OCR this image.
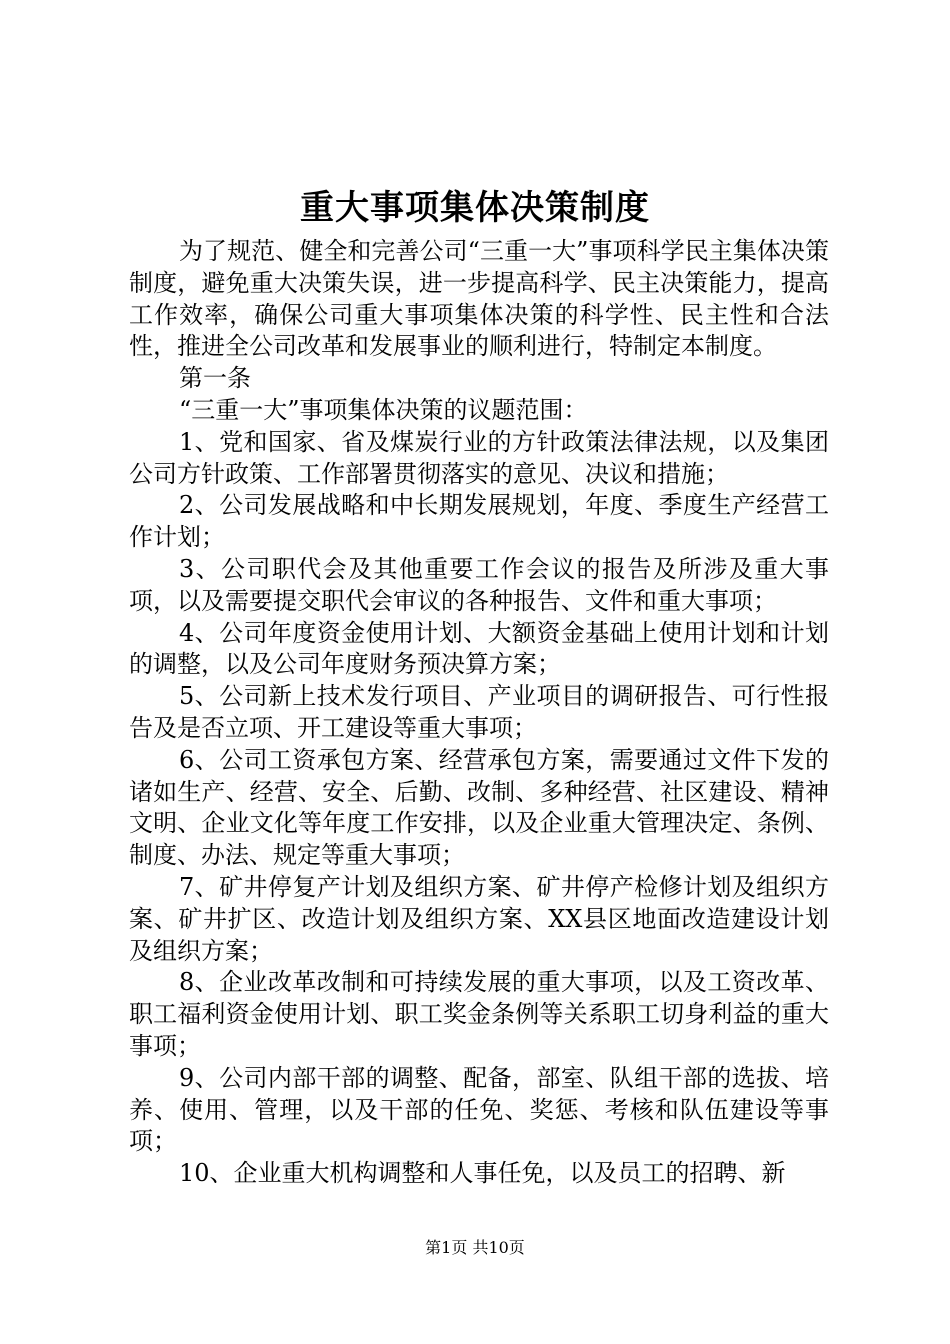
重大事项集体决策制度

为了规范、健全和完善公司“三重一大”事项科学民主集体决策制度，避免重大决策失误，进一步提高科学、民主决策能力，提高工作效率，确保公司重大事项集体决策的科学性、民主性和合法性，推进全公司改革和发展事业的顺利进行，特制定本制度。

第一条

“三重一大”事项集体决策的议题范围：

1、党和国家、省及煤炭行业的方针政策法律法规，以及集团公司方针政策、工作部署贯彻落实的意见、决议和措施；

2、公司发展战略和中长期发展规划，年度、季度生产经营工作计划；

3、公司职代会及其他重要工作会议的报告及所涉及重大事项，以及需要提交职代会审议的各种报告、文件和重大事项；

4、公司年度资金使用计划、大额资金基础上使用计划和计划的调整，以及公司年度财务预决算方案；

5、公司新上技术发行项目、产业项目的调研报告、可行性报告及是否立项、开工建设等重大事项；

6、公司工资承包方案、经营承包方案，需要通过文件下发的诸如生产、经营、安全、后勤、改制、多种经营、社区建设、精神文明、企业文化等年度工作安排，以及企业重大管理决定、条例、制度、办法、规定等重大事项；

7、矿井停复产计划及组织方案、矿井停产检修计划及组织方案、矿井扩区、改造计划及组织方案、XX县区地面改造建设计划及组织方案；

8、企业改革改制和可持续发展的重大事项，以及工资改革、职工福利资金使用计划、职工奖金条例等关系职工切身利益的重大事项；

9、公司内部干部的调整、配备，部室、队组干部的选拔、培养、使用、管理，以及干部的任免、奖惩、考核和队伍建设等事项；

10、企业重大机构调整和人事任免，以及员工的招聘、新

第1页 共10页
